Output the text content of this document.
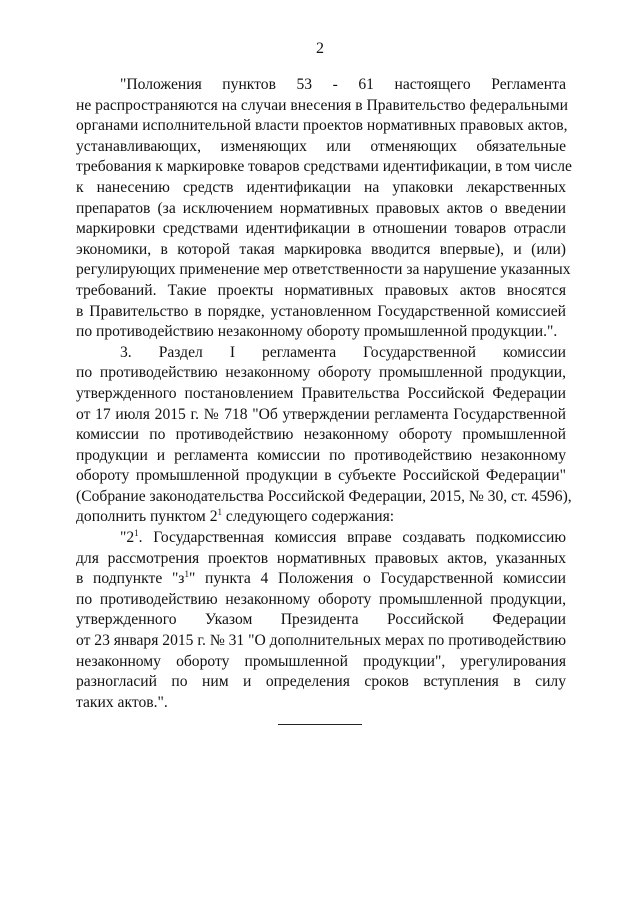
2
"Положения пунктов 53 - 61 настоящего Регламента
не распространяются на случаи внесения в Правительство федеральными
органами исполнительной власти проектов нормативных правовых актов,
устанавливающих, изменяющих или отменяющих обязательные
требования к маркировке товаров средствами идентификации, в том числе
к нанесению средств идентификации на упаковки лекарственных
препаратов (за исключением нормативных правовых актов о введении
маркировки средствами идентификации в отношении товаров отрасли
экономики, в которой такая маркировка вводится впервые), и (или)
регулирующих применение мер ответственности за нарушение указанных
требований. Такие проекты нормативных правовых актов вносятся
в Правительство в порядке, установленном Государственной комиссией
по противодействию незаконному обороту промышленной продукции.".
3. Раздел I регламента Государственной комиссии
по противодействию незаконному обороту промышленной продукции,
утвержденного постановлением Правительства Российской Федерации
от 17 июля 2015 г. № 718 "Об утверждении регламента Государственной
комиссии по противодействию незаконному обороту промышленной
продукции и регламента комиссии по противодействию незаконному
обороту промышленной продукции в субъекте Российской Федерации"
(Собрание законодательства Российской Федерации, 2015, № 30, ст. 4596),
дополнить пунктом $2^1$ следующего содержания:
"$2^1$. Государственная комиссия вправе создавать подкомиссию
для рассмотрения проектов нормативных правовых актов, указанных
в подпункте "$з^1$" пункта 4 Положения о Государственной комиссии
по противодействию незаконному обороту промышленной продукции,
утвержденного Указом Президента Российской Федерации
от 23 января 2015 г. № 31 "О дополнительных мерах по противодействию
незаконному обороту промышленной продукции", урегулирования
разногласий по ним и определения сроков вступления в силу
таких актов.".
